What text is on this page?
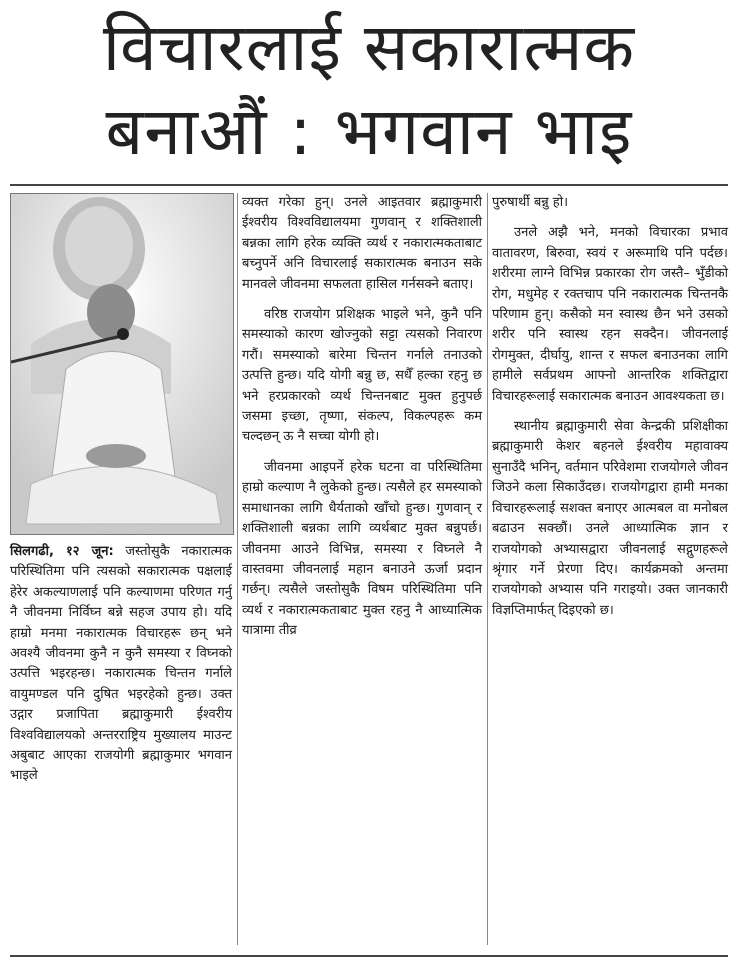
विचारलाई सकारात्मक
बनाऔं : भगवान भाइ

सिलगढी, १२ जून: जस्तोसुकै नकारात्मक परिस्थितिमा पनि त्यसको सकारात्मक पक्षलाई हेरेर अकल्याणलाई पनि कल्याणमा परिणत गर्नु नै जीवनमा निर्विघ्न बन्ने सहज उपाय हो। यदि हाम्रो मनमा नकारात्मक विचारहरू छन् भने अवश्यै जीवनमा कुनै न कुनै समस्या र विघ्नको उत्पत्ति भइरहन्छ। नकारात्मक चिन्तन गर्नाले वायुमण्डल पनि दुषित भइरहेको हुन्छ। उक्त उद्गार प्रजापिता ब्रह्माकुमारी ईश्वरीय विश्वविद्यालयको अन्तरराष्ट्रिय मुख्यालय माउन्ट अबुबाट आएका राजयोगी ब्रह्माकुमार भगवान भाइले

व्यक्त गरेका हुन्। उनले आइतवार ब्रह्माकुमारी ईश्वरीय विश्वविद्यालयमा गुणवान् र शक्तिशाली बन्नका लागि हरेक व्यक्ति व्यर्थ र नकारात्मकताबाट बच्नुपर्ने अनि विचारलाई सकारात्मक बनाउन सके मानवले जीवनमा सफलता हासिल गर्नसक्ने बताए।

वरिष्ठ राजयोग प्रशिक्षक भाइले भने, कुनै पनि समस्याको कारण खोज्नुको सट्टा त्यसको निवारण गरौं। समस्याको बारेमा चिन्तन गर्नाले तनाउको उत्पत्ति हुन्छ। यदि योगी बन्नु छ, सधैँ हल्का रहनु छ भने हरप्रकारको व्यर्थ चिन्तनबाट मुक्त हुनुपर्छ जसमा इच्छा, तृष्णा, संकल्प, विकल्पहरू कम चल्दछन् ऊ नै सच्चा योगी हो।

जीवनमा आइपर्ने हरेक घटना वा परिस्थितिमा हाम्रो कल्याण नै लुकेको हुन्छ। त्यसैले हर समस्याको समाधानका लागि धैर्यताको खाँचो हुन्छ। गुणवान् र शक्तिशाली बन्नका लागि व्यर्थबाट मुक्त बन्नुपर्छ। जीवनमा आउने विभिन्न, समस्या र विघ्नले नै वास्तवमा जीवनलाई महान बनाउने ऊर्जा प्रदान गर्छन्। त्यसैले जस्तोसुकै विषम परिस्थितिमा पनि व्यर्थ र नकारात्मकताबाट मुक्त रहनु नै आध्यात्मिक यात्रामा तीव्र

पुरुषार्थी बन्नु हो।

उनले अझै भने, मनको विचारका प्रभाव वातावरण, बिरुवा, स्वयं र अरूमाथि पनि पर्दछ। शरीरमा लाग्ने विभिन्न प्रकारका रोग जस्तै– भुँडीको रोग, मधुमेह र रक्तचाप पनि नकारात्मक चिन्तनकै परिणाम हुन्। कसैको मन स्वास्थ छैन भने उसको शरीर पनि स्वास्थ रहन सक्दैन। जीवनलाई रोगमुक्त, दीर्घायु, शान्त र सफल बनाउनका लागि हामीले सर्वप्रथम आफ्नो आन्तरिक शक्तिद्वारा विचारहरूलाई सकारात्मक बनाउन आवश्यकता छ।

स्थानीय ब्रह्माकुमारी सेवा केन्द्रकी प्रशिक्षीका ब्रह्माकुमारी केशर बहनले ईश्वरीय महावाक्य सुनाउँदै भनिन्, वर्तमान परिवेशमा राजयोगले जीवन जिउने कला सिकाउँदछ। राजयोगद्वारा हामी मनका विचारहरूलाई सशक्त बनाएर आत्मबल वा मनोबल बढाउन सक्छौं। उनले आध्यात्मिक ज्ञान र राजयोगको अभ्यासद्वारा जीवनलाई सद्गुणहरूले श्रृंगार गर्ने प्रेरणा दिए। कार्यक्रमको अन्तमा राजयोगको अभ्यास पनि गराइयो। उक्त जानकारी विज्ञप्तिमार्फत् दिइएको छ।
